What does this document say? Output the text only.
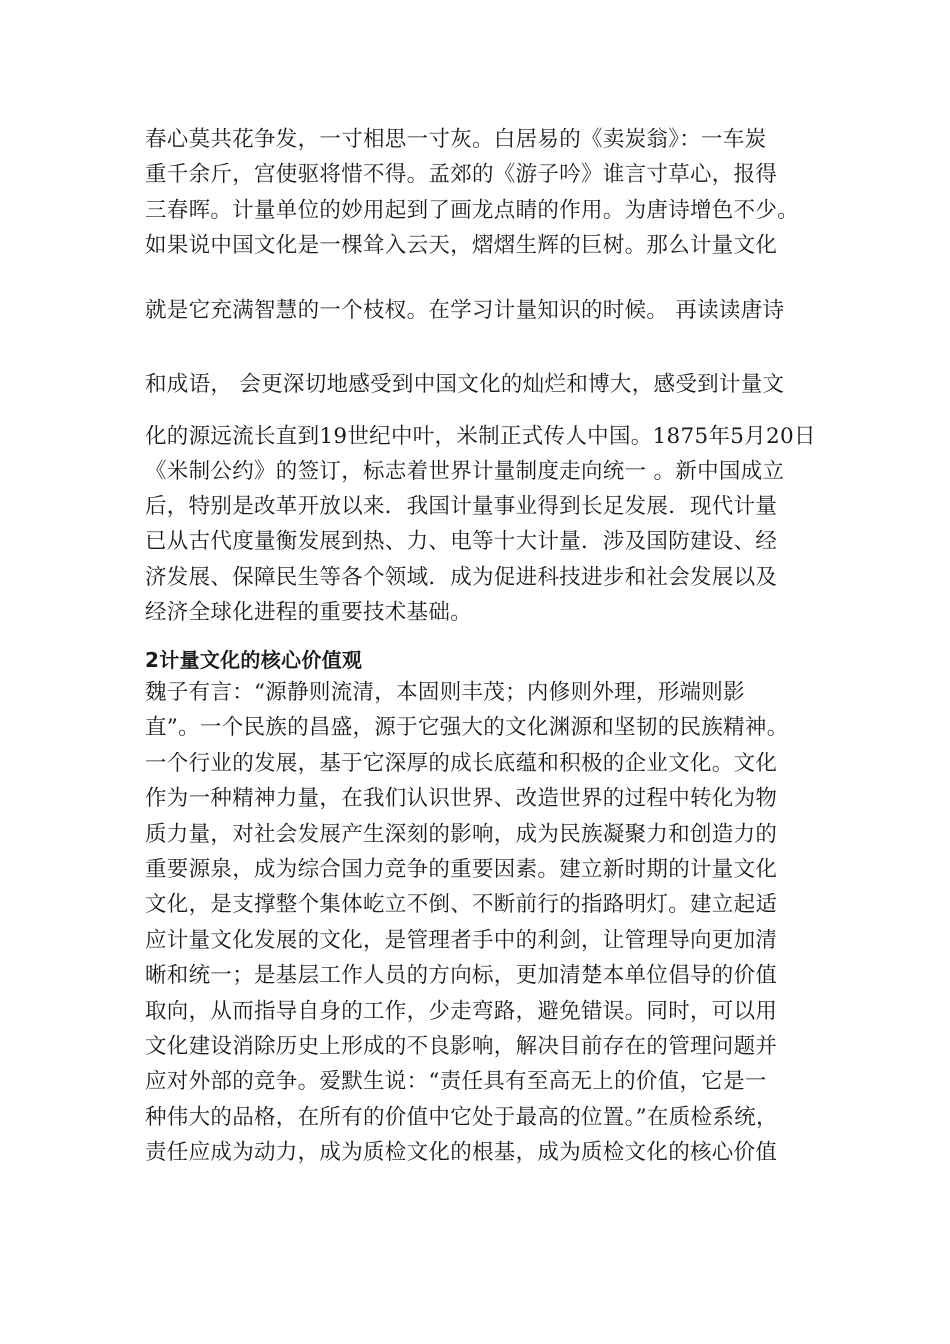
春心莫共花争发，一寸相思一寸灰。白居易的《卖炭翁》：一车炭
重千余斤，宫使驱将惜不得。孟郊的《游子吟》谁言寸草心，报得
三春晖。计量单位的妙用起到了画龙点睛的作用。为唐诗增色不少。
如果说中国文化是一棵耸入云天，熠熠生辉的巨树。那么计量文化
就是它充满智慧的一个枝杈。在学习计量知识的时候。 再读读唐诗
和成语， 会更深切地感受到中国文化的灿烂和博大，感受到计量文
化的源远流长直到19世纪中叶，米制正式传人中国。1875年5月20日
《米制公约》的签订，标志着世界计量制度走向统一 。新中国成立
后，特别是改革开放以来．我国计量事业得到长足发展．现代计量
已从古代度量衡发展到热、力、电等十大计量．涉及国防建设、经
济发展、保障民生等各个领域．成为促进科技进步和社会发展以及
经济全球化进程的重要技术基础。
2计量文化的核心价值观
魏子有言：“源静则流清，本固则丰茂；内修则外理，形端则影
直”。一个民族的昌盛，源于它强大的文化渊源和坚韧的民族精神。
一个行业的发展，基于它深厚的成长底蕴和积极的企业文化。文化
作为一种精神力量，在我们认识世界、改造世界的过程中转化为物
质力量，对社会发展产生深刻的影响，成为民族凝聚力和创造力的
重要源泉，成为综合国力竞争的重要因素。建立新时期的计量文化
文化，是支撑整个集体屹立不倒、不断前行的指路明灯。建立起适
应计量文化发展的文化，是管理者手中的利剑，让管理导向更加清
晰和统一；是基层工作人员的方向标，更加清楚本单位倡导的价值
取向，从而指导自身的工作，少走弯路，避免错误。同时，可以用
文化建设消除历史上形成的不良影响，解决目前存在的管理问题并
应对外部的竞争。爱默生说：“责任具有至高无上的价值，它是一
种伟大的品格，在所有的价值中它处于最高的位置。”在质检系统，
责任应成为动力，成为质检文化的根基，成为质检文化的核心价值
